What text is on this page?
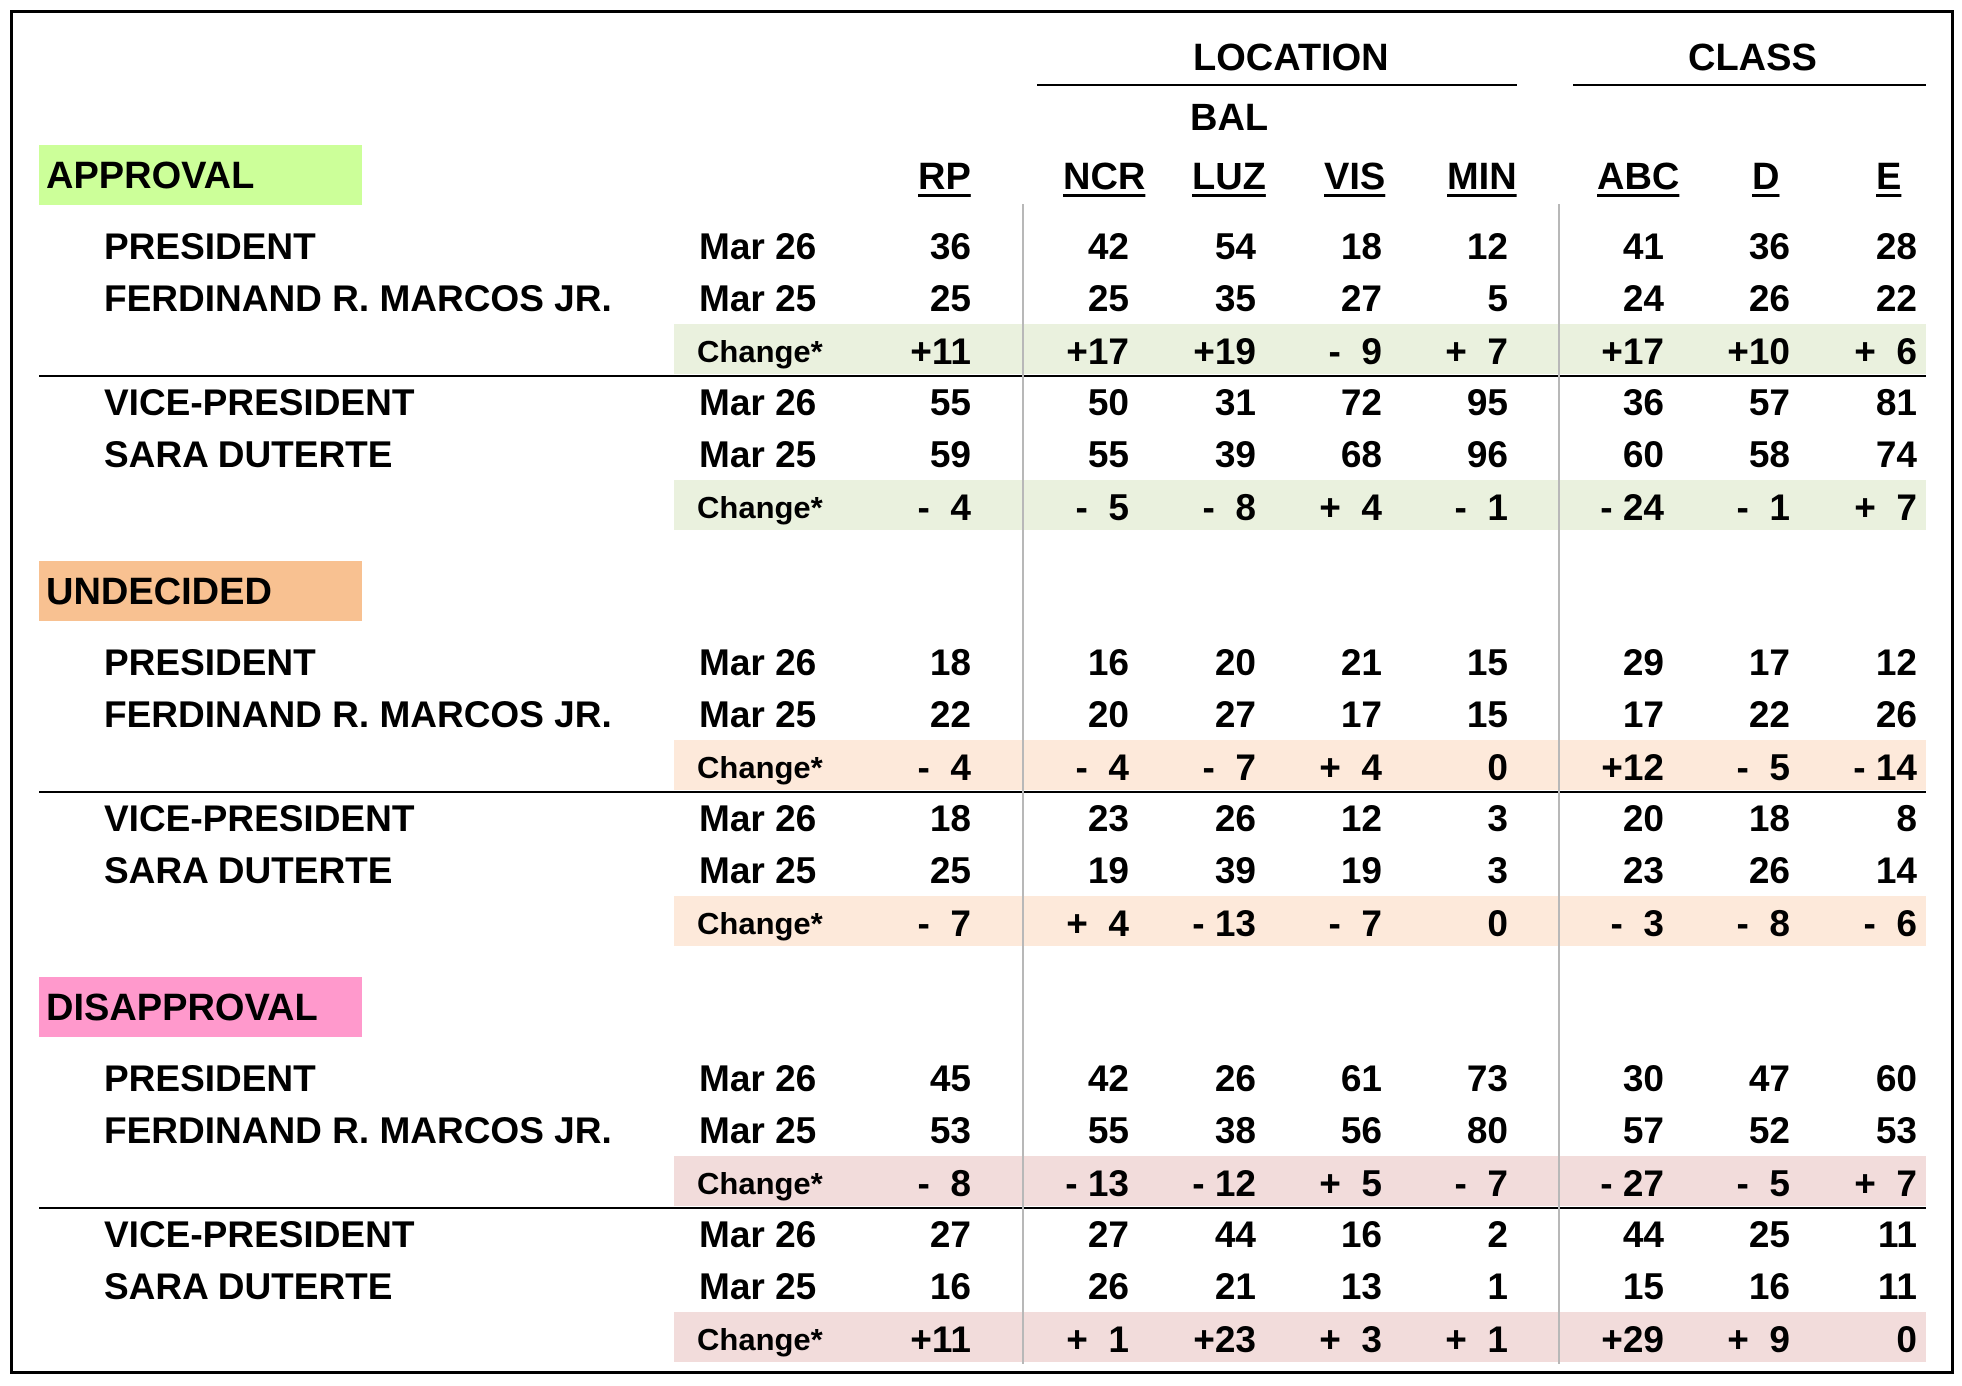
LOCATION	CLASS
BAL
RP NCR LUZ VIS MIN ABC D	E
APPROVAL
PRESIDENT
FERDINAND R. MARCOS JR.
Mar 26	36	42	54	18	12	41	36	28
Mar 25	25	25	35	27	5	24	26	22
Change*	+11	+17	+19	-  9	+  7	+17	+10	+  6
VICE-PRESIDENT
SARA DUTERTE
Mar 26	55	50	31	72	95	36	57	81
Mar 25	59	55	39	68	96	60	58	74
Change*	-  4	-  5	-  8	+  4	-  1	- 24	-  1	+  7
UNDECIDED
PRESIDENT
FERDINAND R. MARCOS JR.
Mar 26	18	16	20	21	15	29	17	12
Mar 25	22	20	27	17	15	17	22	26
Change*	-  4	-  4	-  7	+  4	0	+12	-  5	- 14
VICE-PRESIDENT
SARA DUTERTE
Mar 26	18	23	26	12	3	20	18	8
Mar 25	25	19	39	19	3	23	26	14
Change*	-  7	+  4	- 13	-  7	0	-  3	-  8	-  6
DISAPPROVAL
PRESIDENT
FERDINAND R. MARCOS JR.
Mar 26	45	42	26	61	73	30	47	60
Mar 25	53	55	38	56	80	57	52	53
Change*	-  8	- 13	- 12	+  5	-  7	- 27	-  5	+  7
VICE-PRESIDENT
SARA DUTERTE
Mar 26	27	27	44	16	2	44	25	11
Mar 25	16	26	21	13	1	15	16	11
Change*	+11	+  1	+23	+  3	+  1	+29	+  9	0
